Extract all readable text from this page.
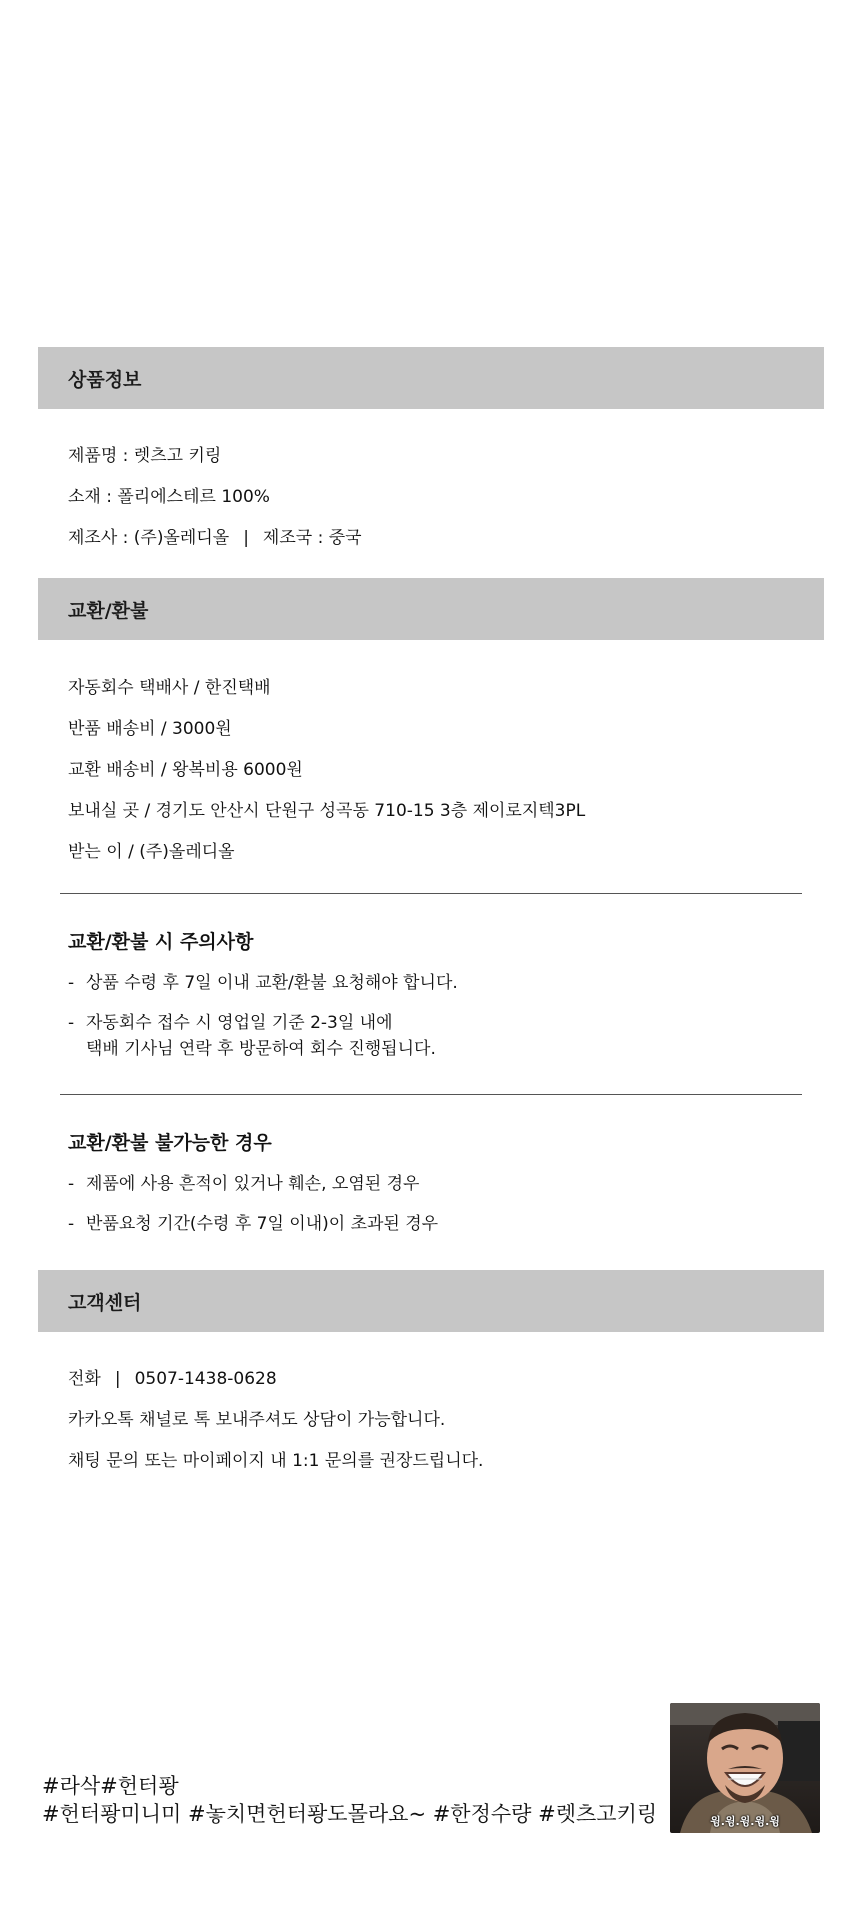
상품정보
제품명 : 렛츠고 키링
소재 : 폴리에스테르 100%
제조사 : (주)올레디올 | 제조국 : 중국
교환/환불
자동회수 택배사 / 한진택배
반품 배송비 / 3000원
교환 배송비 / 왕복비용 6000원
보내실 곳 / 경기도 안산시 단원구 성곡동 710-15 3층 제이로지텍3PL
받는 이 / (주)올레디올
교환/환불 시 주의사항
- 상품 수령 후 7일 이내 교환/환불 요청해야 합니다.
- 자동회수 접수 시 영업일 기준 2-3일 내에
택배 기사님 연락 후 방문하여 회수 진행됩니다.
교환/환불 불가능한 경우
- 제품에 사용 흔적이 있거나 훼손, 오염된 경우
- 반품요청 기간(수령 후 7일 이내)이 초과된 경우
고객센터
전화 | 0507-1438-0628
카카오톡 채널로 톡 보내주셔도 상담이 가능합니다.
채팅 문의 또는 마이페이지 내 1:1 문의를 권장드립니다.
#라삭#헌터퐝
#헌터퐝미니미 #놓치면헌터퐝도몰라요~ #한정수량 #렛츠고키링	윙.윙.윙.윙.윙
